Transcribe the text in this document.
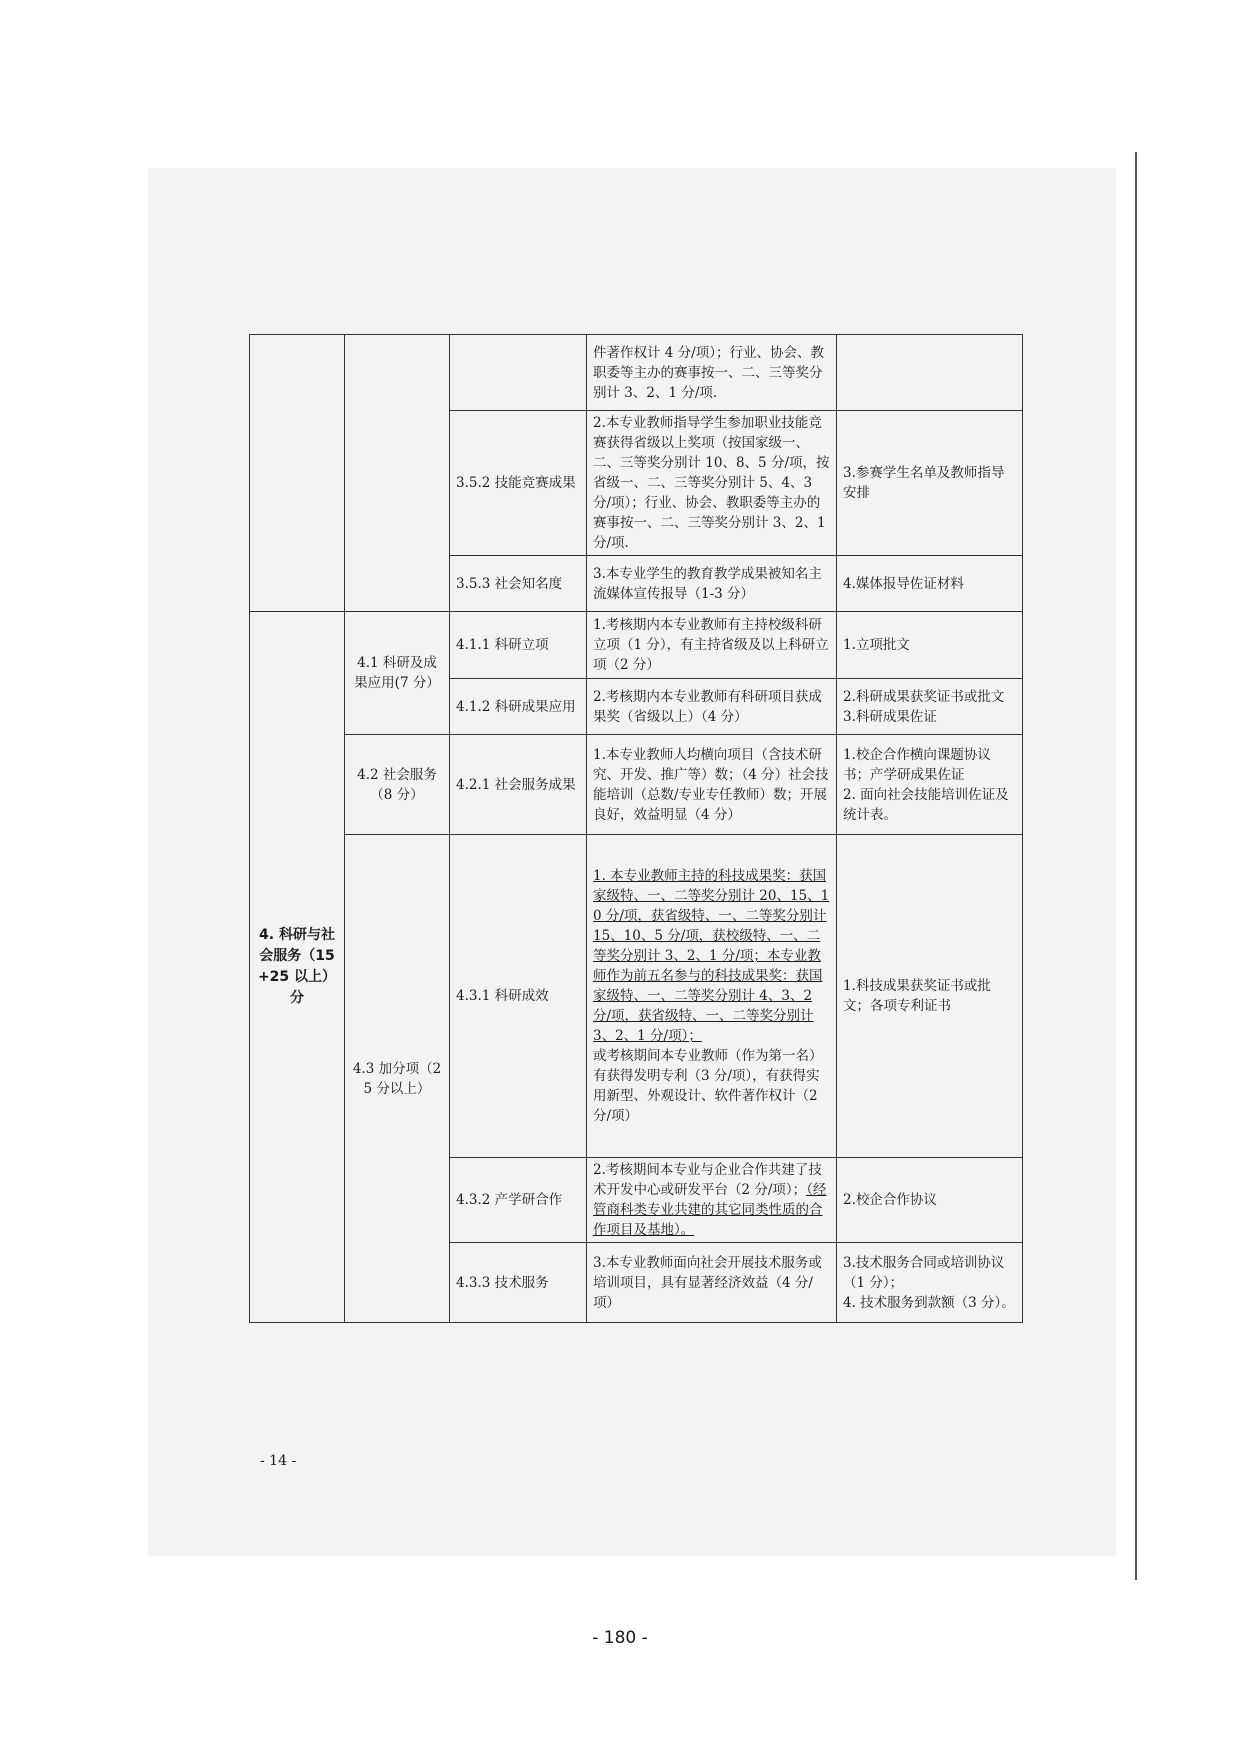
			件著作权计 4 分/项）；行业、协会、教职委等主办的赛事按一、二、三等奖分别计 3、2、1 分/项.	
		3.5.2 技能竞赛成果	2.本专业教师指导学生参加职业技能竞赛获得省级以上奖项（按国家级一、二、三等奖分别计 10、8、5 分/项，按省级一、二、三等奖分别计 5、4、3 分/项）；行业、协会、教职委等主办的赛事按一、二、三等奖分别计 3、2、1 分/项.	3.参赛学生名单及教师指导安排
		3.5.3 社会知名度	3.本专业学生的教育教学成果被知名主流媒体宣传报导（1-3 分）	4.媒体报导佐证材料
4. 科研与社会服务（15+25 以上）分	4.1 科研及成果应用(7 分）	4.1.1 科研立项	1.考核期内本专业教师有主持校级科研立项（1 分），有主持省级及以上科研立项（2 分）	1.立项批文
		4.1.2 科研成果应用	2.考核期内本专业教师有科研项目获成果奖（省级以上）（4 分）	2.科研成果获奖证书或批文
3.科研成果佐证

	4.2 社会服务（8 分）	4.2.1 社会服务成果	1.本专业教师人均横向项目（含技术研究、开发、推广等）数；（4 分）社会技能培训（总数/专业专任教师）数；开展良好，效益明显（4 分）	1.校企合作横向课题协议书；产学研成果佐证
2. 面向社会技能培训佐证及统计表。

	4.3 加分项（25 分以上）	4.3.1 科研成效	1. 本专业教师主持的科技成果奖：获国家级特、一、二等奖分别计 20、15、10 分/项，获省级特、一、二等奖分别计 15、10、5 分/项，获校级特、一、二等奖分别计 3、2、1 分/项；本专业教师作为前五名参与的科技成果奖：获国家级特、一、二等奖分别计 4、3、2 分/项，获省级特、一、二等奖分别计 3、2、1 分/项）；
或考核期间本专业教师（作为第一名）有获得发明专利（3 分/项），有获得实用新型、外观设计、软件著作权计（2 分/项）	1.科技成果获奖证书或批文；各项专利证书
		4.3.2 产学研合作	2.考核期间本专业与企业合作共建了技术开发中心或研发平台（2 分/项）；（经管商科类专业共建的其它同类性质的合作项目及基地）。	2.校企合作协议
		4.3.3 技术服务	3.本专业教师面向社会开展技术服务或培训项目，具有显著经济效益（4 分/项）	3.技术服务合同或培训协议（1 分）；
4. 技术服务到款额（3 分）。
- 14 -
- 180 -
